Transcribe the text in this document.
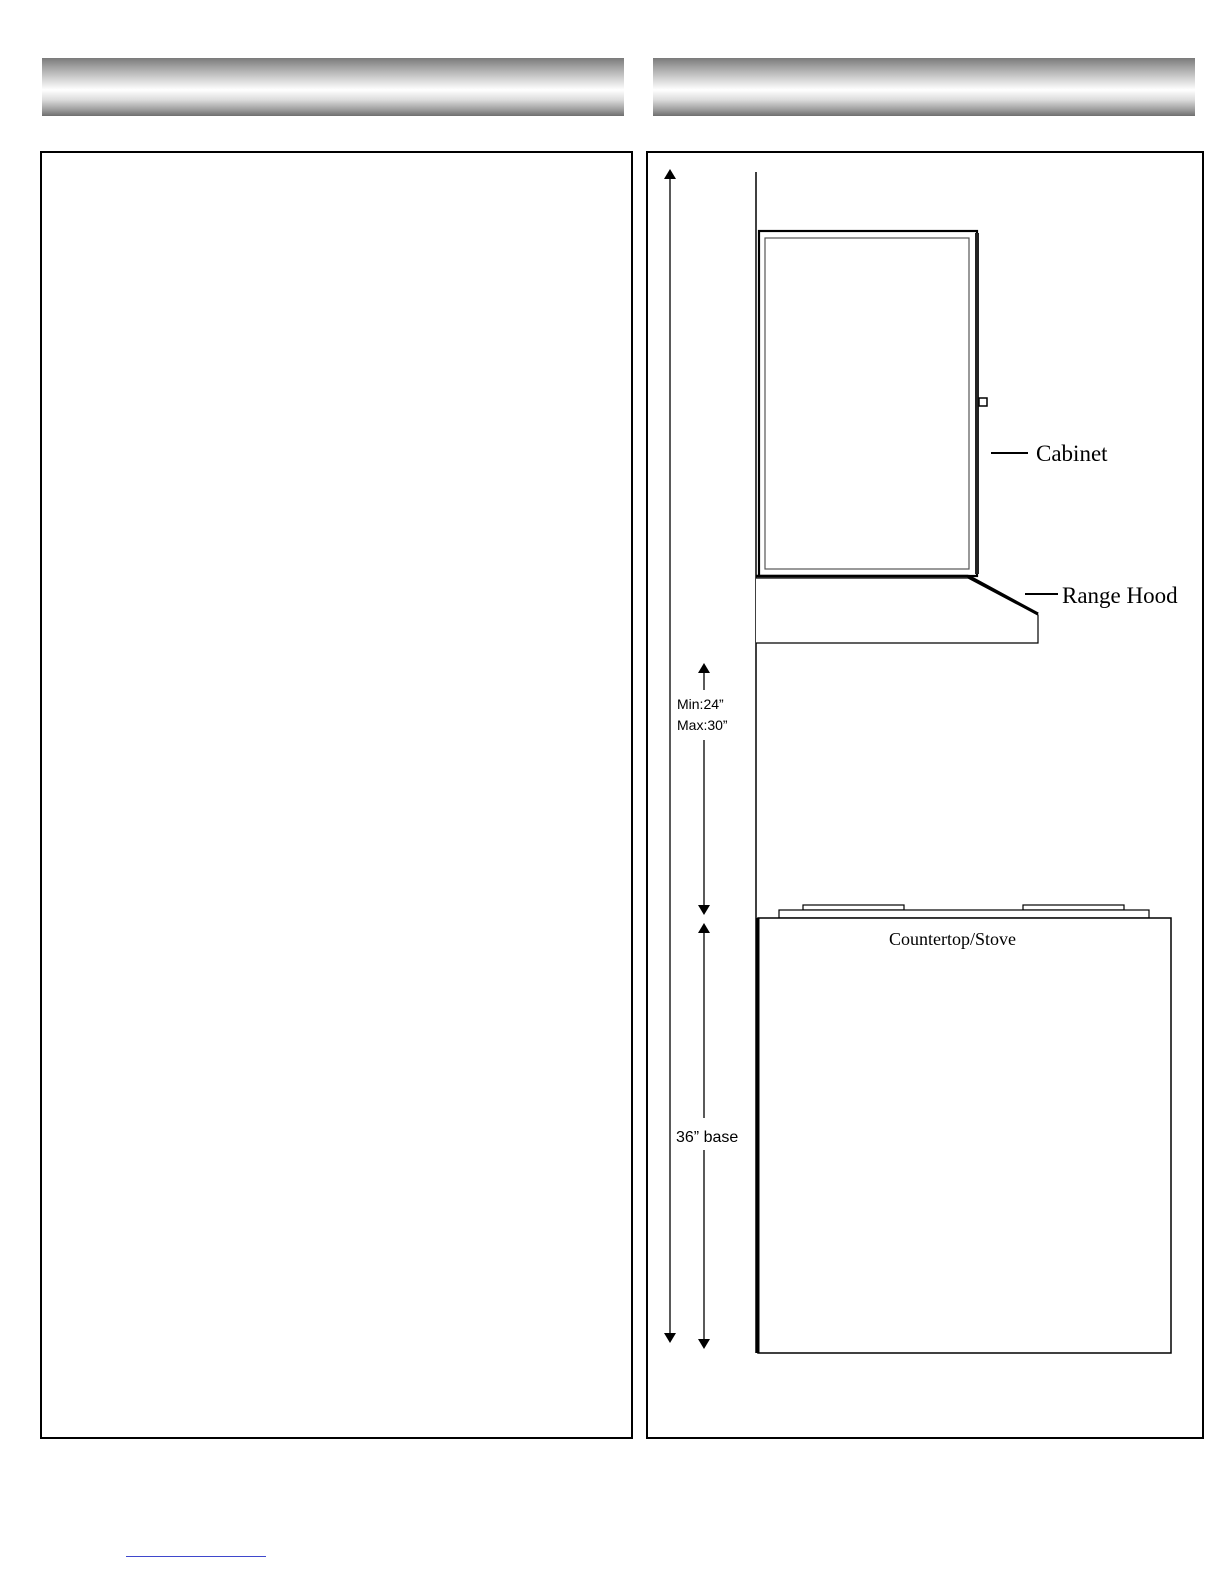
Cabinet
Range Hood
Countertop/Stove
Min:24”
Max:30”
36” base
